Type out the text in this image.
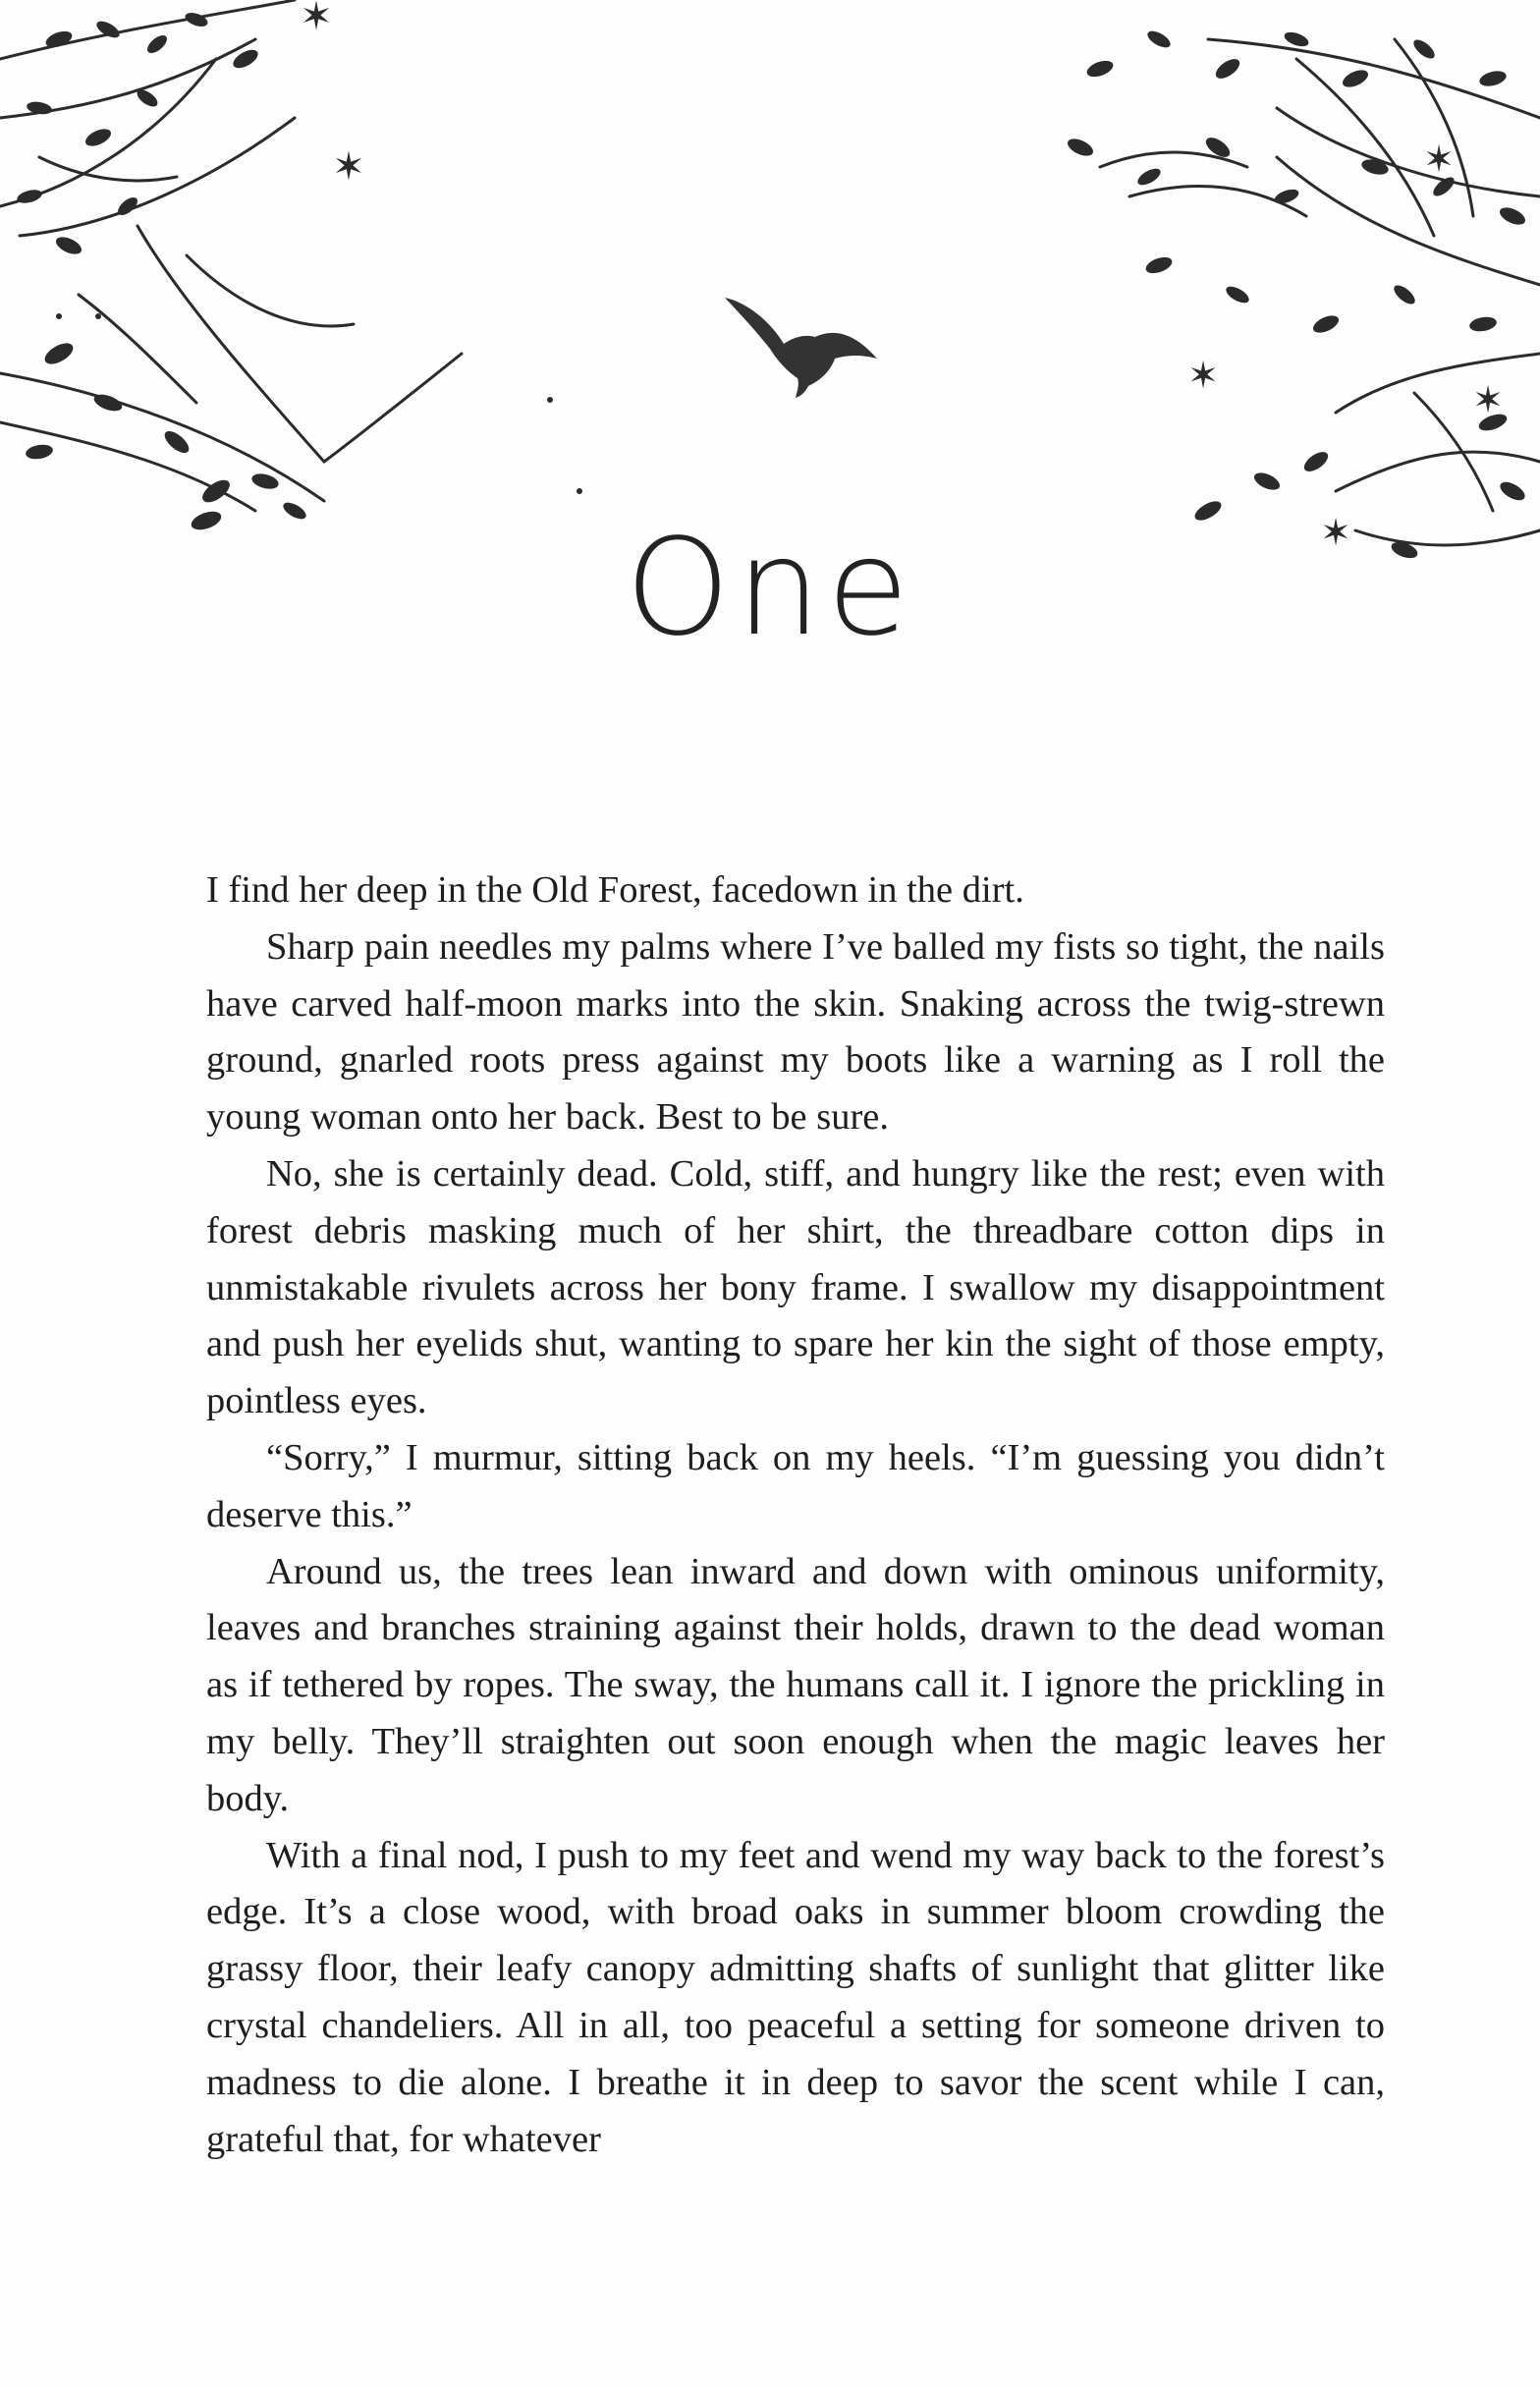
✶
✶
✶
✶
✶
✶
One

I find her deep in the Old Forest, facedown in the dirt.

Sharp pain needles my palms where I’ve balled my fists so tight, the nails have carved half-moon marks into the skin. Snaking across the twig-strewn ground, gnarled roots press against my boots like a warning as I roll the young woman onto her back. Best to be sure.

No, she is certainly dead. Cold, stiff, and hungry like the rest; even with forest debris masking much of her shirt, the threadbare cotton dips in unmistakable rivulets across her bony frame. I swallow my disappointment and push her eyelids shut, wanting to spare her kin the sight of those empty, pointless eyes.

“Sorry,” I murmur, sitting back on my heels. “I’m guessing you didn’t deserve this.”

Around us, the trees lean inward and down with ominous uniformity, leaves and branches straining against their holds, drawn to the dead woman as if tethered by ropes. The sway, the humans call it. I ignore the prickling in my belly. They’ll straighten out soon enough when the magic leaves her body.

With a final nod, I push to my feet and wend my way back to the forest’s edge. It’s a close wood, with broad oaks in summer bloom crowding the grassy floor, their leafy canopy admitting shafts of sunlight that glitter like crystal chandeliers. All in all, too peaceful a setting for someone driven to madness to die alone. I breathe it in deep to savor the scent while I can, grateful that, for whatever
